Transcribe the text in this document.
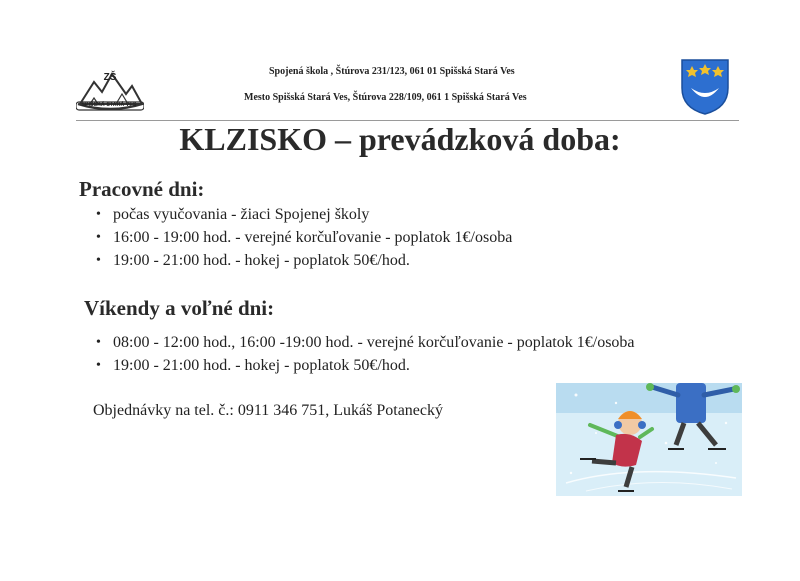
ZŠ
SPIŠSKÁ STARÁ VES
Spojená škola , Štúrova 231/123, 061 01 Spišská Stará Ves
Mesto Spišská Stará Ves, Štúrova 228/109, 061 1 Spišská Stará Ves
KLZISKO – prevádzková doba:
Pracovné dni:
• počas vyučovania - žiaci Spojenej školy
• 16:00 - 19:00 hod. - verejné korčuľovanie - poplatok 1€/osoba
• 19:00 - 21:00 hod. - hokej - poplatok 50€/hod.
Víkendy a voľné dni:
• 08:00 - 12:00 hod., 16:00 -19:00 hod. - verejné korčuľovanie - poplatok 1€/osoba
• 19:00 - 21:00 hod. - hokej - poplatok 50€/hod.
Objednávky na tel. č.: 0911 346 751, Lukáš Potanecký
